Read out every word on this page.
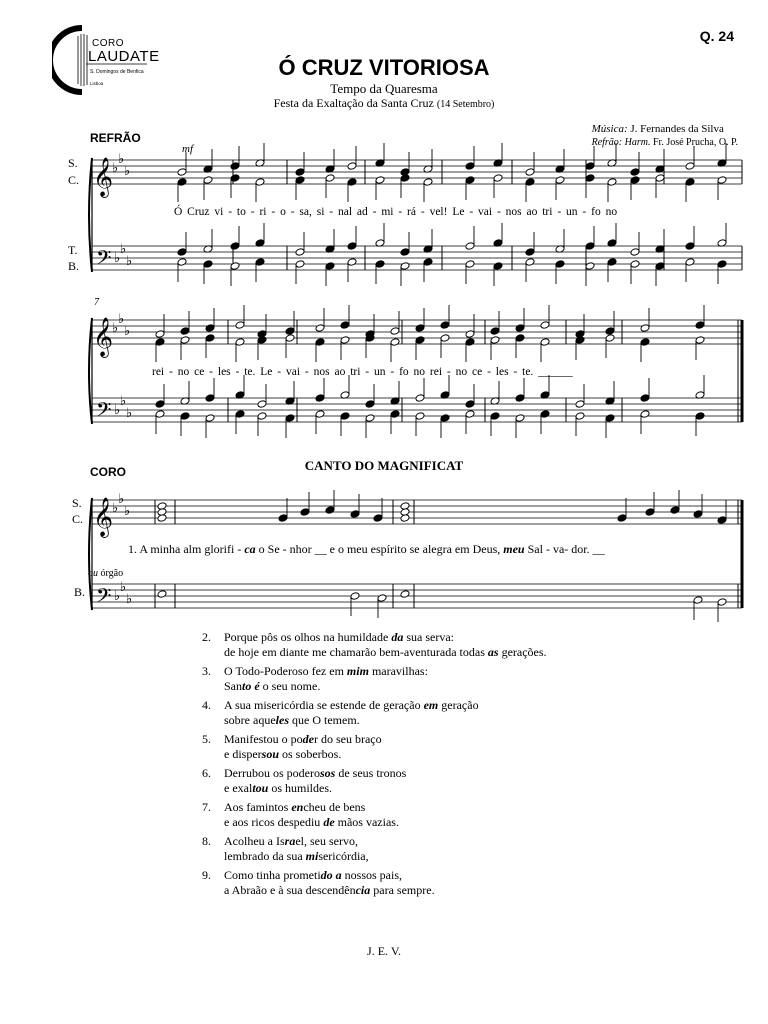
CORO
LAUDATE
S. Domingos de Benfica
Lisboa
Q. 24
Ó CRUZ VITORIOSA
Tempo da Quaresma
Festa da Exaltação da Santa Cruz (14 Setembro)
Música: J. Fernandes da Silva
Refrão: Harm. Fr. José Prucha, O. P.
REFRÃO
𝄞
♭
♭
♭
𝄢 ♭
♭
♭
𝄞
♭
♭
♭
𝄢 ♭
♭
♭
𝄞
♭
♭
♭
𝄢 ♭
♭
♭
S.
C.
T.
B.
mf
7
Ó Cruz vi - to - ri - o - sa, si - nal ad - mi - rá - vel! Le - vai - nos ao tri - un - fo no
rei - no ce - les - te. Le - vai - nos ao tri - un - fo no rei - no ce - les - te. ______
CORO	CANTO DO MAGNIFICAT
S.
C.
ou órgão
B.
1. A minha alm glorifi - ca o Se - nhor __ e o meu espírito se alegra em Deus, meu Sal - va- dor. __
2.	Porque pôs os olhos na humildade da sua serva:
de hoje em diante me chamarão bem-aventurada todas as gerações.
3.	O Todo-Poderoso fez em mim maravilhas:
Santo é o seu nome.
4.	A sua misericórdia se estende de geração em geração
sobre aqueles que O temem.
5.	Manifestou o poder do seu braço
e dispersou os soberbos.
6.	Derrubou os poderosos de seus tronos
e exaltou os humildes.
7.	Aos famintos encheu de bens
e aos ricos despediu de mãos vazias.
8.	Acolheu a Israel, seu servo,
lembrado da sua misericórdia,
9.	Como tinha prometido a nossos pais,
a Abraão e à sua descendência para sempre.
J. E. V.
